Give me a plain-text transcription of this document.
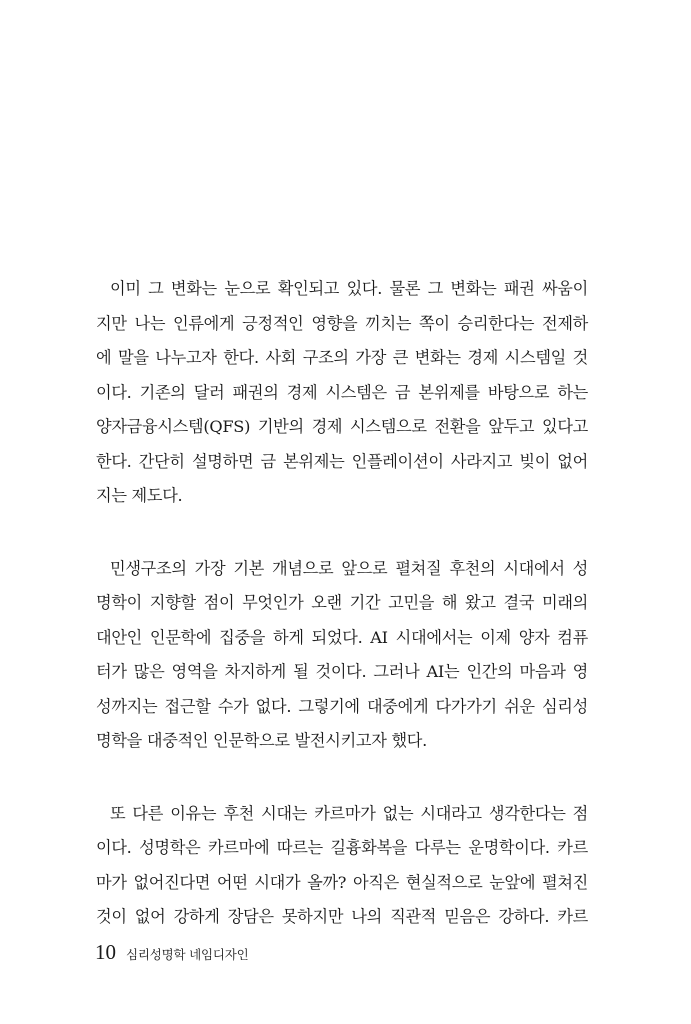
이미 그 변화는 눈으로 확인되고 있다. 물론 그 변화는 패권 싸움이
지만 나는 인류에게 긍정적인 영향을 끼치는 쪽이 승리한다는 전제하
에 말을 나누고자 한다. 사회 구조의 가장 큰 변화는 경제 시스템일 것
이다. 기존의 달러 패권의 경제 시스템은 금 본위제를 바탕으로 하는
양자금융시스템(QFS) 기반의 경제 시스템으로 전환을 앞두고 있다고
한다. 간단히 설명하면 금 본위제는 인플레이션이 사라지고 빚이 없어
지는 제도다.
민생구조의 가장 기본 개념으로 앞으로 펼쳐질 후천의 시대에서 성
명학이 지향할 점이 무엇인가 오랜 기간 고민을 해 왔고 결국 미래의
대안인 인문학에 집중을 하게 되었다. AI 시대에서는 이제 양자 컴퓨
터가 많은 영역을 차지하게 될 것이다. 그러나 AI는 인간의 마음과 영
성까지는 접근할 수가 없다. 그렇기에 대중에게 다가가기 쉬운 심리성
명학을 대중적인 인문학으로 발전시키고자 했다.
또 다른 이유는 후천 시대는 카르마가 없는 시대라고 생각한다는 점
이다. 성명학은 카르마에 따르는 길흉화복을 다루는 운명학이다. 카르
마가 없어진다면 어떤 시대가 올까? 아직은 현실적으로 눈앞에 펼쳐진
것이 없어 강하게 장담은 못하지만 나의 직관적 믿음은 강하다. 카르
10 심리성명학 네임디자인
